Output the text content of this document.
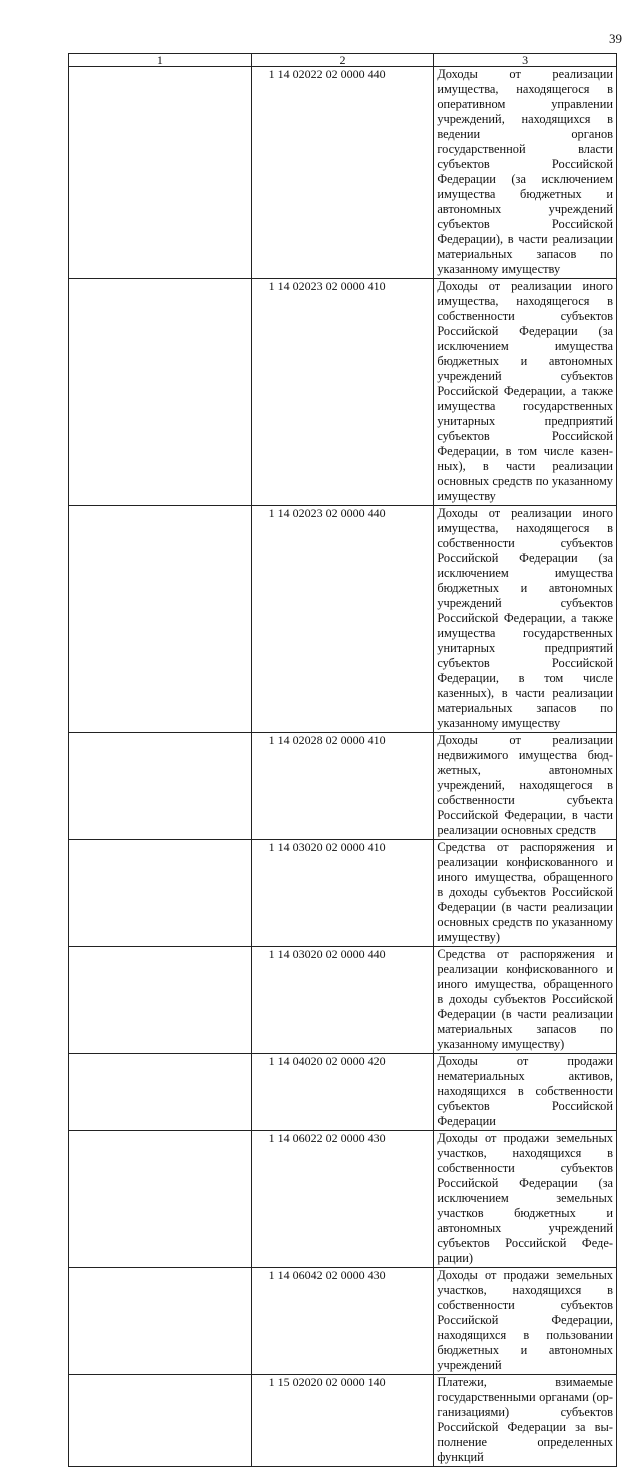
39
1	2	3
	1 14 02022 02 0000 440	Доходы от реализации имущества, находящегося в оперативном управлении учреждений, находящихся в ведении органов государственной власти субъектов Российской Федерации (за исключением имущества бюджетных и автономных учреждений субъектов Российской Федерации), в части реализации материальных запасов по указанному имуществу
	1 14 02023 02 0000 410	Доходы от реализации иного имущества, находящегося в собственности субъектов Российской Федерации (за исключением имущества бюджетных и автономных учреждений субъектов Российской Федерации, а также имущества государственных унитарных предприятий субъектов Российской Федерации, в том числе казенных), в части реализации основных средств по указанному имуществу
	1 14 02023 02 0000 440	Доходы от реализации иного имущества, находящегося в собственности субъектов Российской Федерации (за исключением имущества бюджетных и автономных учреждений субъектов Российской Федерации, а также имущества государственных унитарных предприятий субъектов Российской Федерации, в том числе казенных), в части реализации материальных запасов по указанному имуществу
	1 14 02028 02 0000 410	Доходы от реализации недвижимого имущества бюджетных, автономных учреждений, находящегося в собственности субъекта Российской Федерации, в части реализации основных средств
	1 14 03020 02 0000 410	Средства от распоряжения и реализации конфискованного и иного имущества, обращенного в доходы субъектов Российской Федерации (в части реализации основных средств по указанному имуществу)
	1 14 03020 02 0000 440	Средства от распоряжения и реализации конфискованного и иного имущества, обращенного в доходы субъектов Российской Федерации (в части реализации материальных запасов по указанному имуществу)
	1 14 04020 02 0000 420	Доходы от продажи нематериальных активов, находящихся в собственности субъектов Российской Федерации
	1 14 06022 02 0000 430	Доходы от продажи земельных участков, находящихся в собственности субъектов Российской Федерации (за исключением земельных участков бюджетных и автономных учреждений субъектов Российской Федерации)
	1 14 06042 02 0000 430	Доходы от продажи земельных участков, находящихся в собственности субъектов Российской Федерации, находящихся в пользовании бюджетных и автономных учреждений
	1 15 02020 02 0000 140	Платежи, взимаемые государственными органами (организациями) субъектов Российской Федерации за выполнение определенных функций
